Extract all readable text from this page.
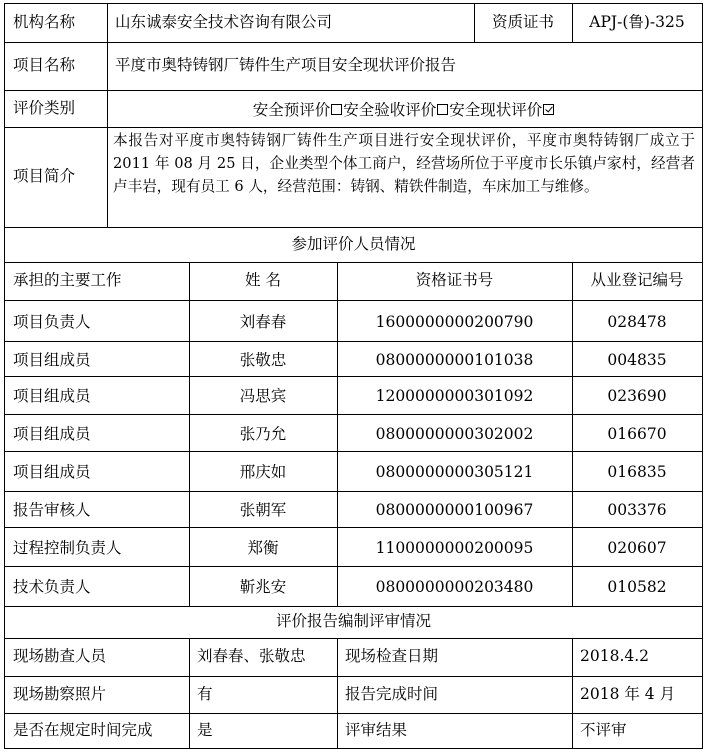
机构名称	山东诚泰安全技术咨询有限公司	资质证书	APJ-(鲁)-325
项目名称	平度市奥特铸钢厂铸件生产项目安全现状评价报告
评价类别	安全预评价 安全验收评价 安全现状评价
项目简介
本报告对平度市奥特铸钢厂铸件生产项目进行安全现状评价，平度市奥特铸钢厂成立于 2011 年 08 月 25 日，企业类型个体工商户，经营场所位于平度市长乐镇卢家村，经营者卢丰岩，现有员工 6 人，经营范围：铸钢、精铁件制造，车床加工与维修。
参加评价人员情况
承担的主要工作	姓 名	资格证书号	从业登记编号
项目负责人	刘春春	1600000000200790	028478
项目组成员	张敬忠	0800000000101038	004835
项目组成员	冯思宾	1200000000301092	023690
项目组成员	张乃允	0800000000302002	016670
项目组成员	邢庆如	0800000000305121	016835
报告审核人	张朝军	0800000000100967	003376
过程控制负责人	郑衡	1100000000200095	020607
技术负责人	靳兆安	0800000000203480	010582
评价报告编制评审情况
现场勘查人员	刘春春、张敬忠	现场检查日期	2018.4.2
现场勘察照片	有	报告完成时间	2018 年 4 月
是否在规定时间完成	是	评审结果	不评审
